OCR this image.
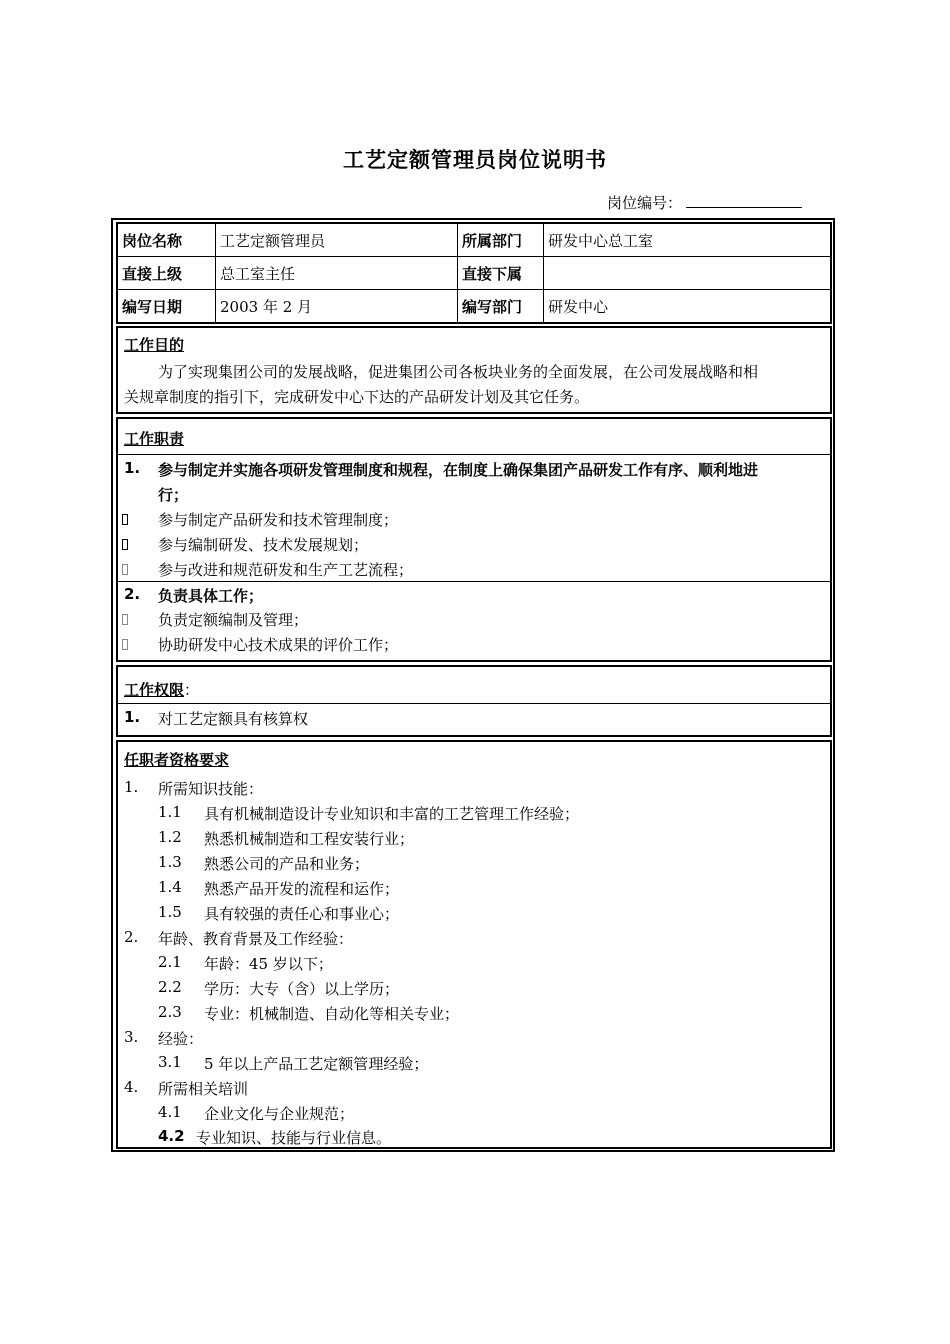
工艺定额管理员岗位说明书
岗位编号：
岗位名称	工艺定额管理员	所属部门	研发中心总工室
直接上级	总工室主任	直接下属
编写日期	2003 年 2 月	编写部门	研发中心
工作目的
为了实现集团公司的发展战略，促进集团公司各板块业务的全面发展，在公司发展战略和相
关规章制度的指引下，完成研发中心下达的产品研发计划及其它任务。
工作职责
1. 参与制定并实施各项研发管理制度和规程，在制度上确保集团产品研发工作有序、顺利地进
行；
参与制定产品研发和技术管理制度；
参与编制研发、技术发展规划；
参与改进和规范研发和生产工艺流程；
2. 负责具体工作；
负责定额编制及管理；
协助研发中心技术成果的评价工作；
工作权限：
1. 对工艺定额具有核算权
任职者资格要求
1. 所需知识技能：
1.1 具有机械制造设计专业知识和丰富的工艺管理工作经验；
1.2 熟悉机械制造和工程安装行业；
1.3 熟悉公司的产品和业务；
1.4 熟悉产品开发的流程和运作；
1.5 具有较强的责任心和事业心；
2. 年龄、教育背景及工作经验：
2.1 年龄：45 岁以下；
2.2 学历：大专（含）以上学历；
2.3 专业：机械制造、自动化等相关专业；
3. 经验：
3.1 5 年以上产品工艺定额管理经验；
4. 所需相关培训
4.1 企业文化与企业规范；
4.2 专业知识、技能与行业信息。
